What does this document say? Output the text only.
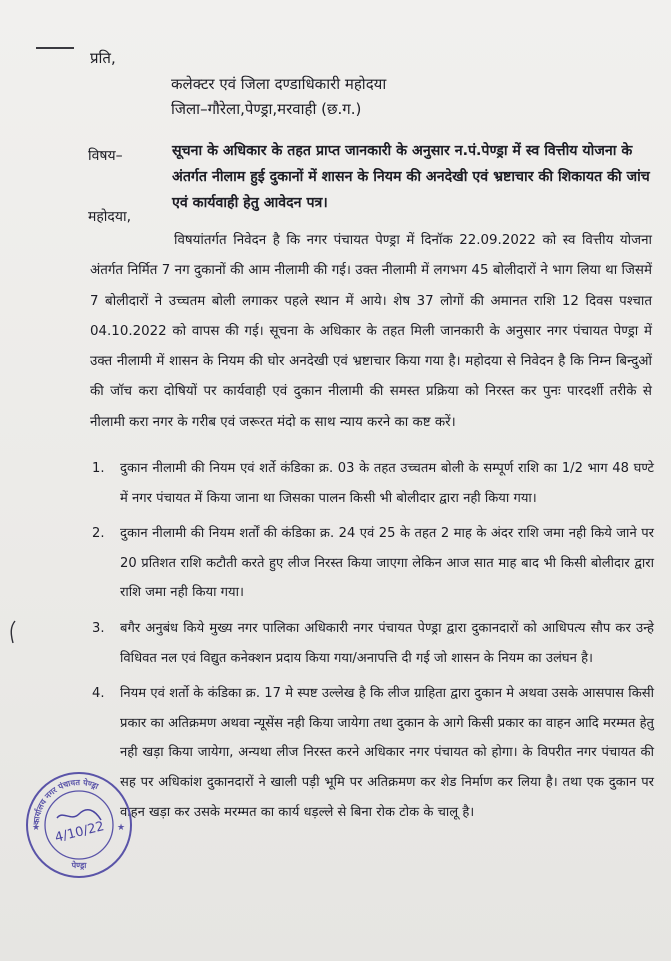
प्रति,
कलेक्टर एवं जिला दण्डाधिकारी महोदया
जिला–गौरेला,पेण्ड्रा,मरवाही (छ.ग.)
विषय–	सूचना के अधिकार के तहत प्राप्त जानकारी के अनुसार न.पं.पेण्ड्रा में स्व वित्तीय योजना के अंतर्गत नीलाम हुई दुकानों में शासन के नियम की अनदेखी एवं भ्रष्टाचार की शिकायत की जांच एवं कार्यवाही हेतु आवेदन पत्र।
महोदया,
विषयांतर्गत निवेदन है कि नगर पंचायत पेण्ड्रा में दिनॉक 22.09.2022 को स्व वित्तीय योजना अंतर्गत निर्मित 7 नग दुकानों की आम नीलामी की गई। उक्त नीलामी में लगभग 45 बोलीदारों ने भाग लिया था जिसमें 7 बोलीदारों ने उच्चतम बोली लगाकर पहले स्थान में आये। शेष 37 लोगों की अमानत राशि 12 दिवस पश्चात 04.10.2022 को वापस की गई। सूचना के अधिकार के तहत मिली जानकारी के अनुसार नगर पंचायत पेण्ड्रा में उक्त नीलामी में शासन के नियम की घोर अनदेखी एवं भ्रष्टाचार किया गया है। महोदया से निवेदन है कि निम्न बिन्दुओं की जॉच करा दोषियों पर कार्यवाही एवं दुकान नीलामी की समस्त प्रक्रिया को निरस्त कर पुनः पारदर्शी तरीके से नीलामी करा नगर के गरीब एवं जरूरत मंदो क साथ न्याय करने का कष्ट करें।
1. दुकान नीलामी की नियम एवं शर्ते कंडिका क्र. 03 के तहत उच्चतम बोली के सम्पूर्ण राशि का 1/2 भाग 48 घण्टे में नगर पंचायत में किया जाना था जिसका पालन किसी भी बोलीदार द्वारा नही किया गया।
2. दुकान नीलामी की नियम शर्तों की कंडिका क्र. 24 एवं 25 के तहत 2 माह के अंदर राशि जमा नही किये जाने पर 20 प्रतिशत राशि कटौती करते हुए लीज निरस्त किया जाएगा लेकिन आज सात माह बाद भी किसी बोलीदार द्वारा राशि जमा नही किया गया।
3. बगैर अनुबंध किये मुख्य नगर पालिका अधिकारी नगर पंचायत पेण्ड्रा द्वारा दुकानदारों को आधिपत्य सौप कर उन्हे विधिवत नल एवं विद्युत कनेक्शन प्रदाय किया गया/अनापत्ति दी गई जो शासन के नियम का उलंघन है।
4. नियम एवं शर्तो के कंडिका क्र. 17 मे स्पष्ट उल्लेख है कि लीज ग्राहिता द्वारा दुकान मे अथवा उसके आसपास किसी प्रकार का अतिक्रमण अथवा न्यूसेंस नही किया जायेगा तथा दुकान के आगे किसी प्रकार का वाहन आदि मरम्मत हेतु नही खड़ा किया जायेगा, अन्यथा लीज निरस्त करने अधिकार नगर पंचायत को होगा। के विपरीत नगर पंचायत की सह पर अधिकांश दुकानदारों ने खाली पड़ी भूमि पर अतिक्रमण कर शेड निर्माण कर लिया है। तथा एक दुकान पर वाहन खड़ा कर उसके मरम्मत का कार्य धड़ल्ले से बिना रोक टोक के चालू है।
कार्यालय नगर पंचायत पेण्ड्रा
★	★
4/10/22
पेण्ड्रा
